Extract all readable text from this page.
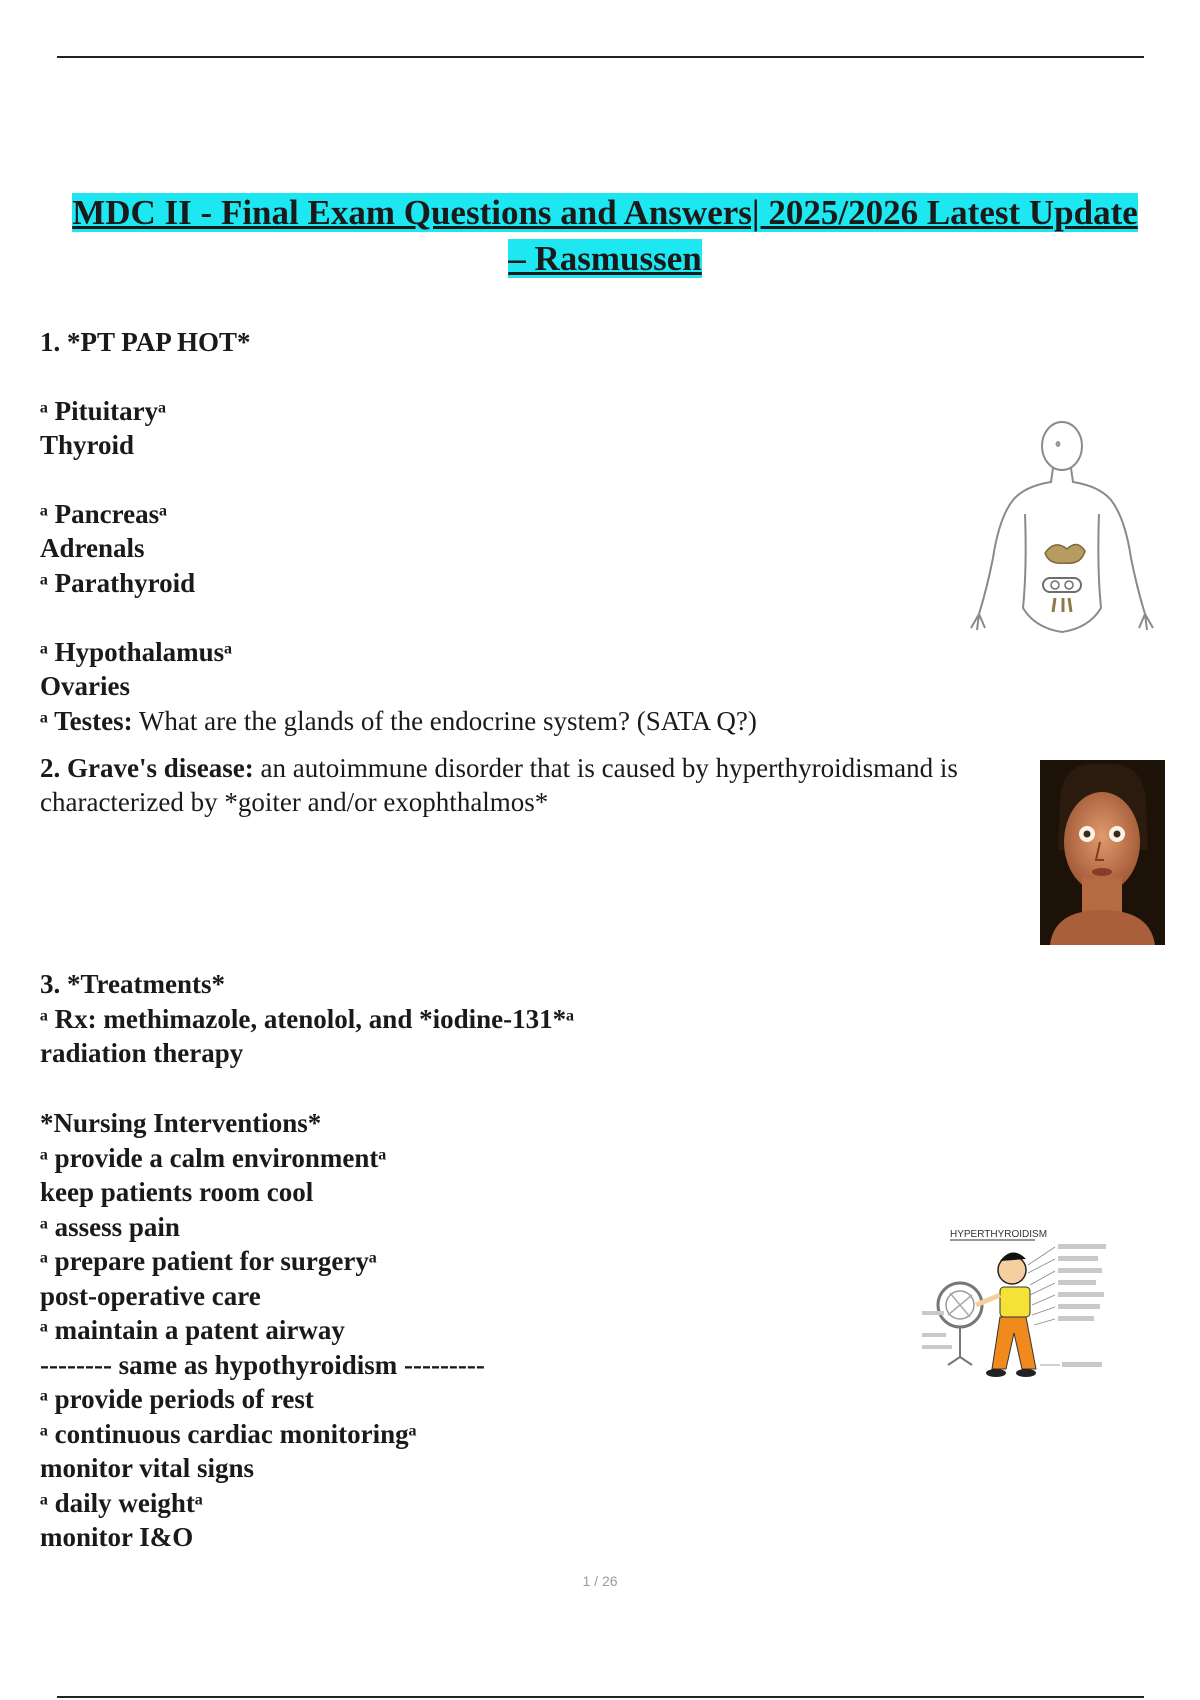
MDC II - Final Exam Questions and Answers| 2025/2026 Latest Update – Rasmussen
1. *PT PAP HOT*
ᵃ Pituitaryᵃ
Thyroid
ᵃ Pancreasᵃ
Adrenals
ᵃ Parathyroid
ᵃ Hypothalamusᵃ
Ovaries
ᵃ Testes: What are the glands of the endocrine system? (SATA Q?)
2. Grave's disease: an autoimmune disorder that is caused by hyperthyroidismand is
characterized by *goiter and/or exophthalmos*
3. *Treatments*
ᵃ Rx: methimazole, atenolol, and *iodine-131*ᵃ
radiation therapy
*Nursing Interventions*
ᵃ provide a calm environmentᵃ
keep patients room cool
ᵃ assess pain
ᵃ prepare patient for surgeryᵃ
post-operative care
ᵃ maintain a patent airway
-------- same as hypothyroidism ---------
ᵃ provide periods of rest
ᵃ continuous cardiac monitoringᵃ
monitor vital signs
ᵃ daily weightᵃ
monitor I&O
HYPERTHYROIDISM
1 / 26
